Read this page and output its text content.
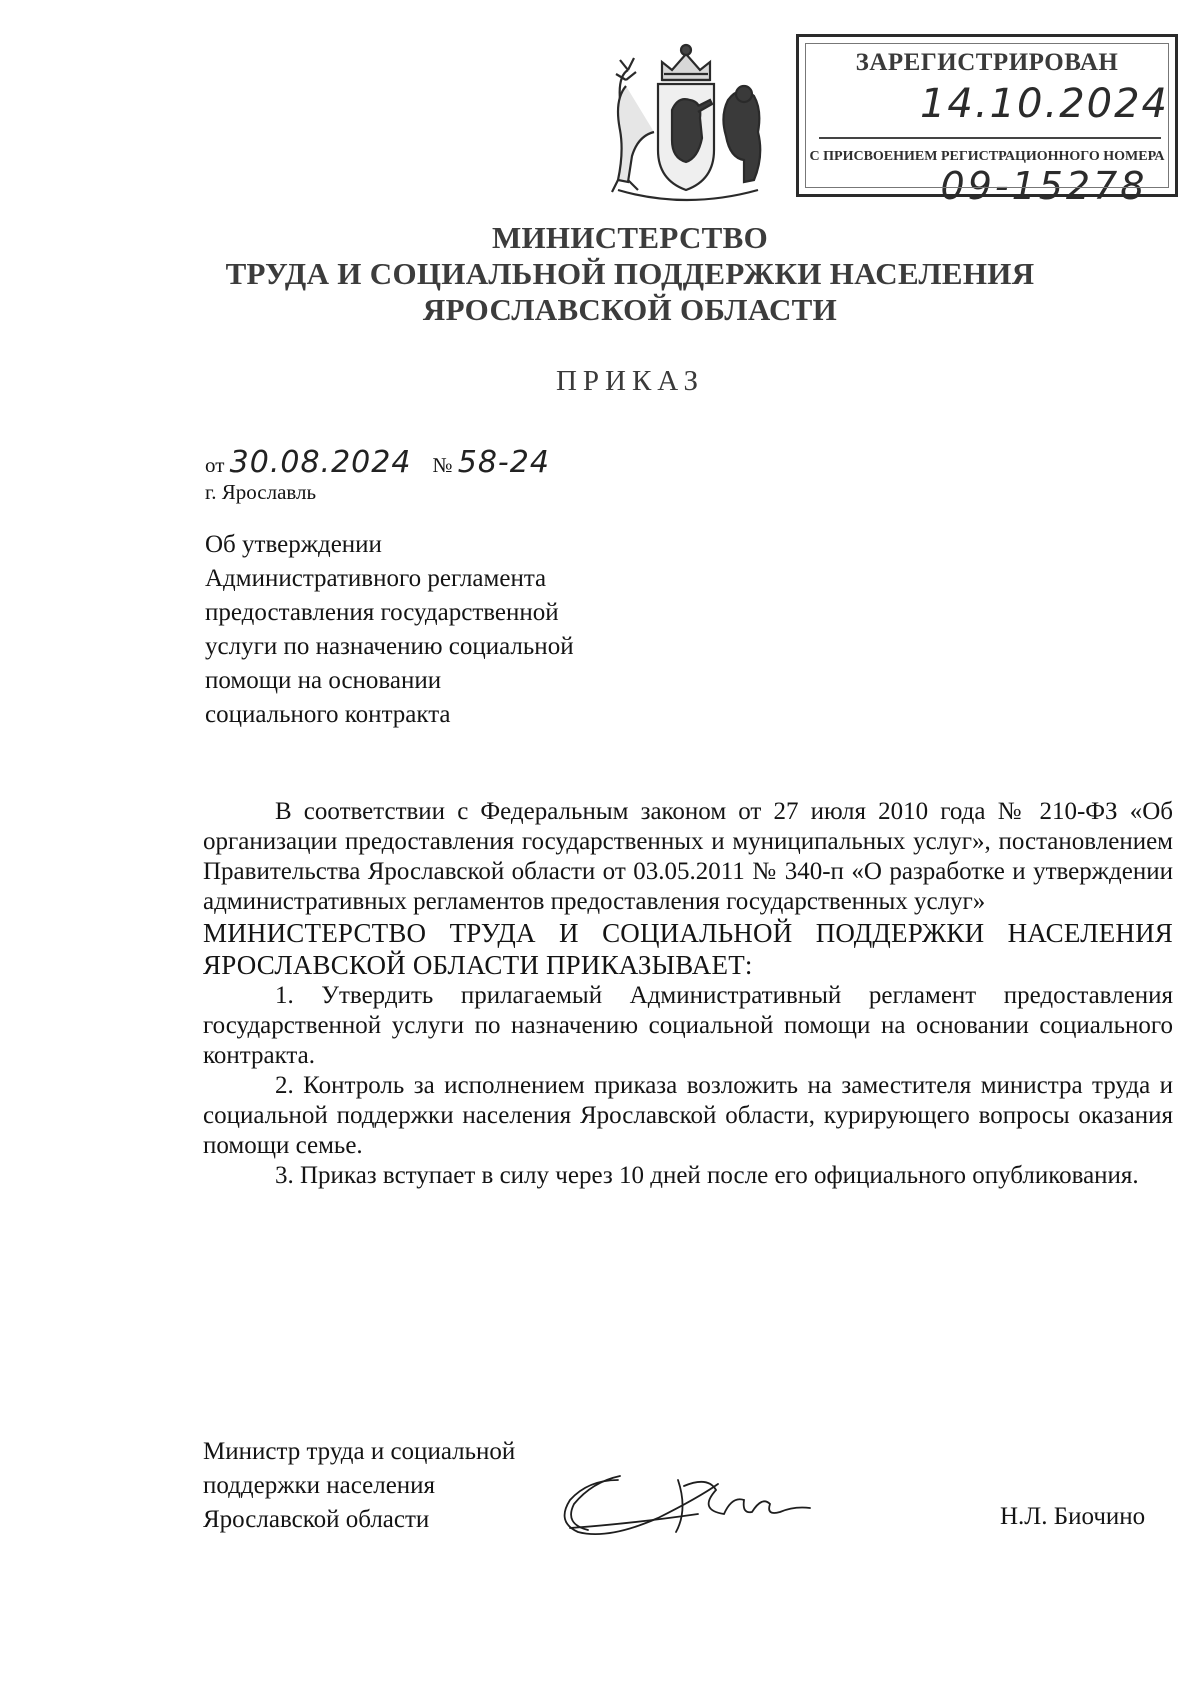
ЗАРЕГИСТРИРОВАН
14.10.2024
С ПРИСВОЕНИЕМ РЕГИСТРАЦИОННОГО НОМЕРА
09-15278
МИНИСТЕРСТВО
ТРУДА И СОЦИАЛЬНОЙ ПОДДЕРЖКИ НАСЕЛЕНИЯ
ЯРОСЛАВСКОЙ ОБЛАСТИ
ПРИКАЗ
от 30.08.2024 № 58-24
г. Ярославль
Об утверждении
Административного регламента
предоставления государственной
услуги по назначению социальной
помощи на основании
социального контракта

В соответствии с Федеральным законом от 27 июля 2010 года № 210-ФЗ «Об организации предоставления государственных и муниципальных услуг», постановлением Правительства Ярославской области от 03.05.2011 № 340-п «О разработке и утверждении административных регламентов предоставления государственных услуг»

МИНИСТЕРСТВО ТРУДА И СОЦИАЛЬНОЙ ПОДДЕРЖКИ НАСЕЛЕНИЯ ЯРОСЛАВСКОЙ ОБЛАСТИ ПРИКАЗЫВАЕТ:

1. Утвердить прилагаемый Административный регламент предоставления государственной услуги по назначению социальной помощи на основании социального контракта.

2. Контроль за исполнением приказа возложить на заместителя министра труда и социальной поддержки населения Ярославской области, курирующего вопросы оказания помощи семье.

3. Приказ вступает в силу через 10 дней после его официального опубликования.

Министр труда и социальной
поддержки населения
Ярославской области	Н.Л. Биочино
